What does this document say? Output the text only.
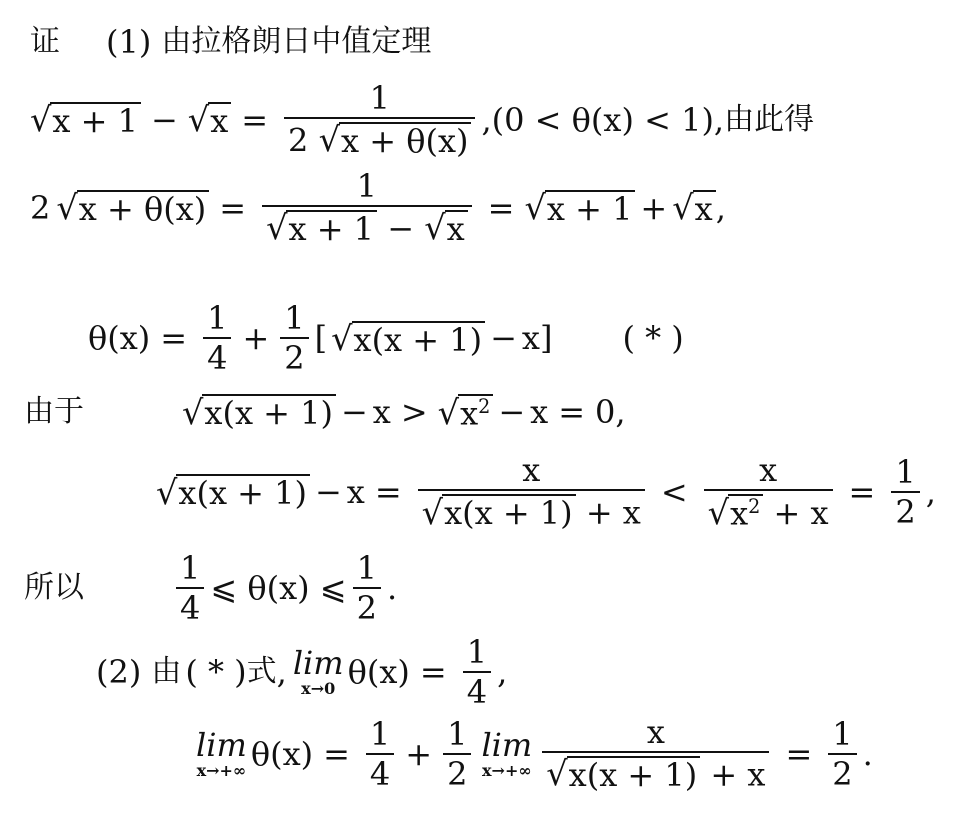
证 (1) 由拉格朗日中值定理
√ x + 1 − √ $x = \frac{1}{2 √ x + \theta(x)} ,(0 < \theta(x) < 1)$, 由此得
2 √ $x + \theta(x) = \frac{1}{√ x + 1 - √ x}$ = √ x + 1 + √ x ,
$\theta(x) = \frac{1}{4} + \frac{1}{2}$ [ √ x(x + 1) − x] ( * )
由于	√ x(x + 1) − x > √ $x^2 - x = 0$,
√ $x(x + 1) - x = \frac{x}{√ x(x + 1) + x} < \frac{x}{√ x^2 + x} = \frac{1}{2}$ ,
所以	$\frac{1}{4}$ ⩽ θ(x) ⩽ $\frac{1}{2}$ .
(2) 由 ( * ) 式 , lim
x→0 $\theta(x) = \frac{1}{4}$ ,
lim
x→+∞ $\theta(x) = \frac{1}{4} + \frac{1}{2}$ lim
$x\to+\infty \frac{x}{√ x(x + 1) + x} = \frac{1}{2}$ .
